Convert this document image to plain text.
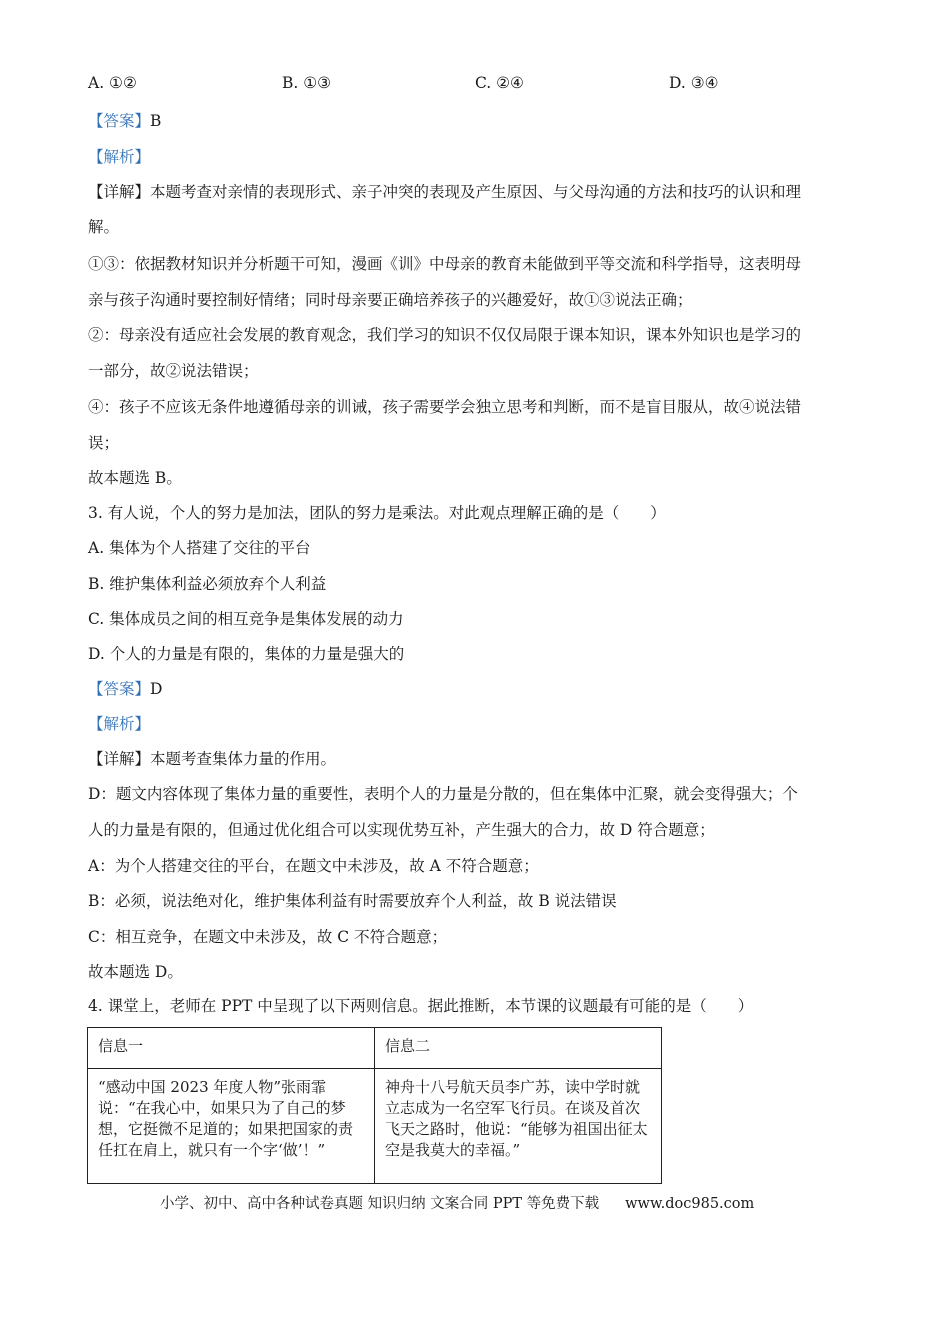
A. ①②	B. ①③	C. ②④	D. ③④
【答案】B
【解析】
【详解】本题考查对亲情的表现形式、亲子冲突的表现及产生原因、与父母沟通的方法和技巧的认识和理
解。
①③：依据教材知识并分析题干可知，漫画《训》中母亲的教育未能做到平等交流和科学指导，这表明母
亲与孩子沟通时要控制好情绪；同时母亲要正确培养孩子的兴趣爱好，故①③说法正确；
②：母亲没有适应社会发展的教育观念，我们学习的知识不仅仅局限于课本知识，课本外知识也是学习的
一部分，故②说法错误；
④：孩子不应该无条件地遵循母亲的训诫，孩子需要学会独立思考和判断，而不是盲目服从，故④说法错
误；
故本题选 B。
3. 有人说，个人的努力是加法，团队的努力是乘法。对此观点理解正确的是（　　）
A. 集体为个人搭建了交往的平台
B. 维护集体利益必须放弃个人利益
C. 集体成员之间的相互竞争是集体发展的动力
D. 个人的力量是有限的，集体的力量是强大的
【答案】D
【解析】
【详解】本题考查集体力量的作用。
D：题文内容体现了集体力量的重要性，表明个人的力量是分散的，但在集体中汇聚，就会变得强大；个
人的力量是有限的，但通过优化组合可以实现优势互补，产生强大的合力，故 D 符合题意；
A：为个人搭建交往的平台，在题文中未涉及，故 A 不符合题意；
B：必须，说法绝对化，维护集体利益有时需要放弃个人利益，故 B 说法错误
C：相互竞争，在题文中未涉及，故 C 不符合题意；
故本题选 D。
4. 课堂上，老师在 PPT 中呈现了以下两则信息。据此推断，本节课的议题最有可能的是（　　）
信息一	信息二
“感动中国 2023 年度人物”张雨霏说：“在我心中，如果只为了自己的梦想，它挺微不足道的；如果把国家的责任扛在肩上，就只有一个字‘做’！”	神舟十八号航天员李广苏，读中学时就立志成为一名空军飞行员。在谈及首次飞天之路时，他说：“能够为祖国出征太空是我莫大的幸福。”
小学、初中、高中各种试卷真题 知识归纳 文案合同 PPT 等免费下载 www.doc985.com
